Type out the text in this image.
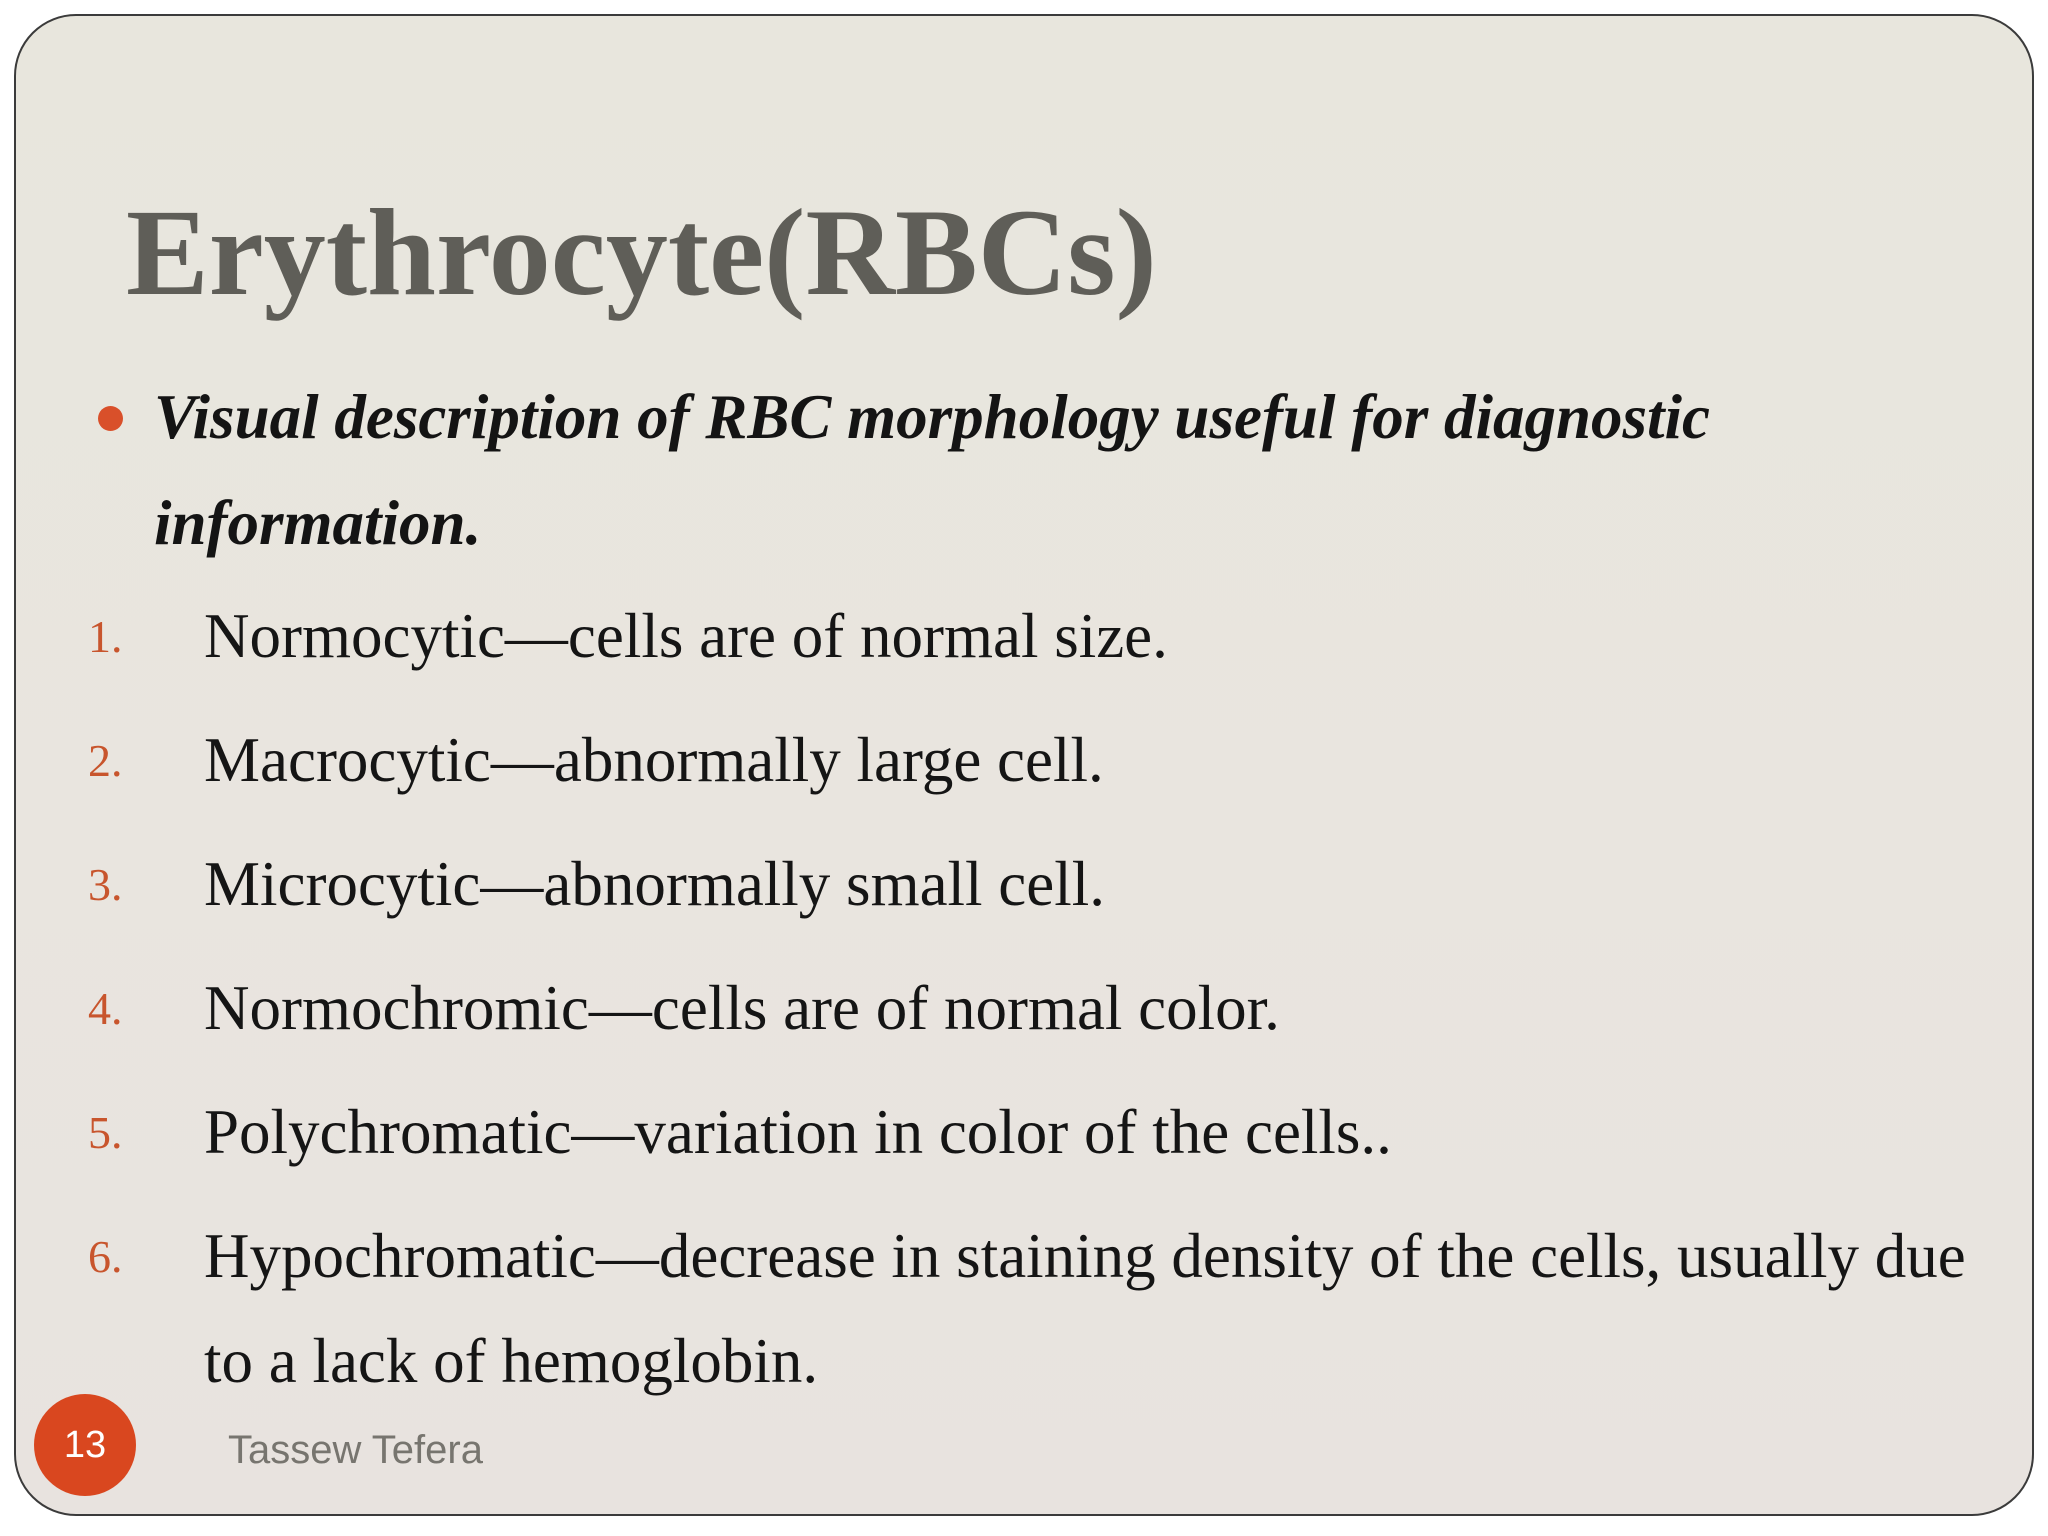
Erythrocyte(RBCs)
Visual description of RBC morphology useful for diagnostic information.
1. Normocytic—cells are of normal size.
2. Macrocytic—abnormally large cell.
3. Microcytic—abnormally small cell.
4. Normochromic—cells are of normal color.
5. Polychromatic—variation in color of the cells..
6. Hypochromatic—decrease in staining density of the cells, usually due to a lack of hemoglobin.
13	Tassew Tefera
